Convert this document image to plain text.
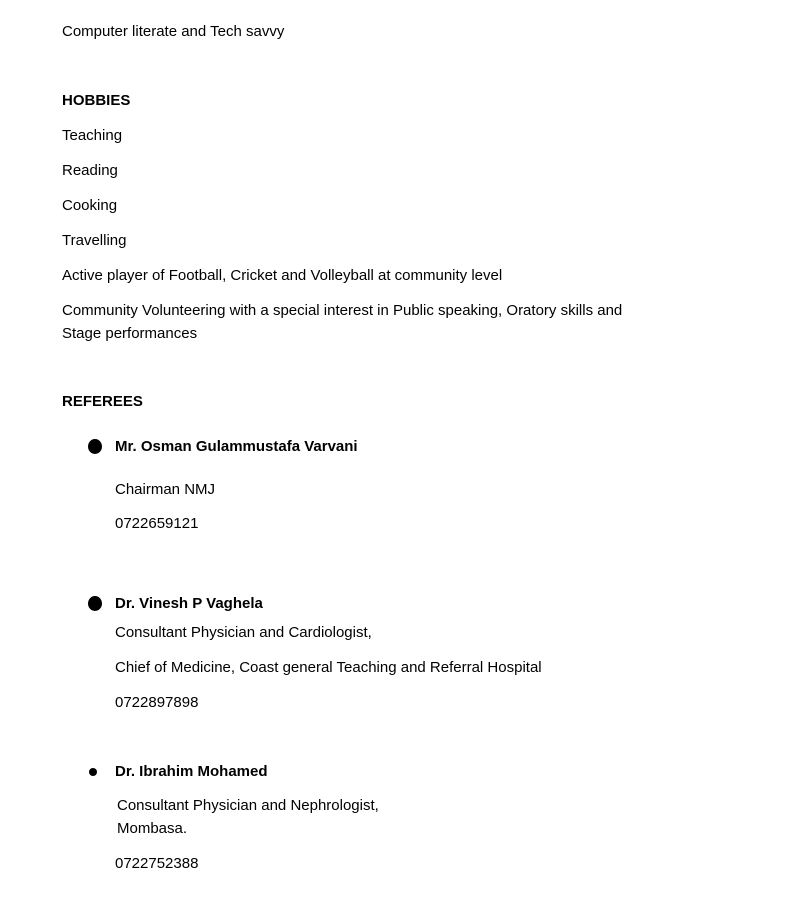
Computer literate and Tech savvy
HOBBIES
Teaching
Reading
Cooking
Travelling
Active player of Football, Cricket and Volleyball at community level
Community Volunteering with a special interest in Public speaking, Oratory skills and
Stage performances
REFEREES
Mr. Osman Gulammustafa Varvani
Chairman NMJ
0722659121
Dr. Vinesh P Vaghela
Consultant Physician and Cardiologist,
Chief of Medicine, Coast general Teaching and Referral Hospital
0722897898
Dr. Ibrahim Mohamed
Consultant Physician and Nephrologist,
Mombasa.
0722752388
